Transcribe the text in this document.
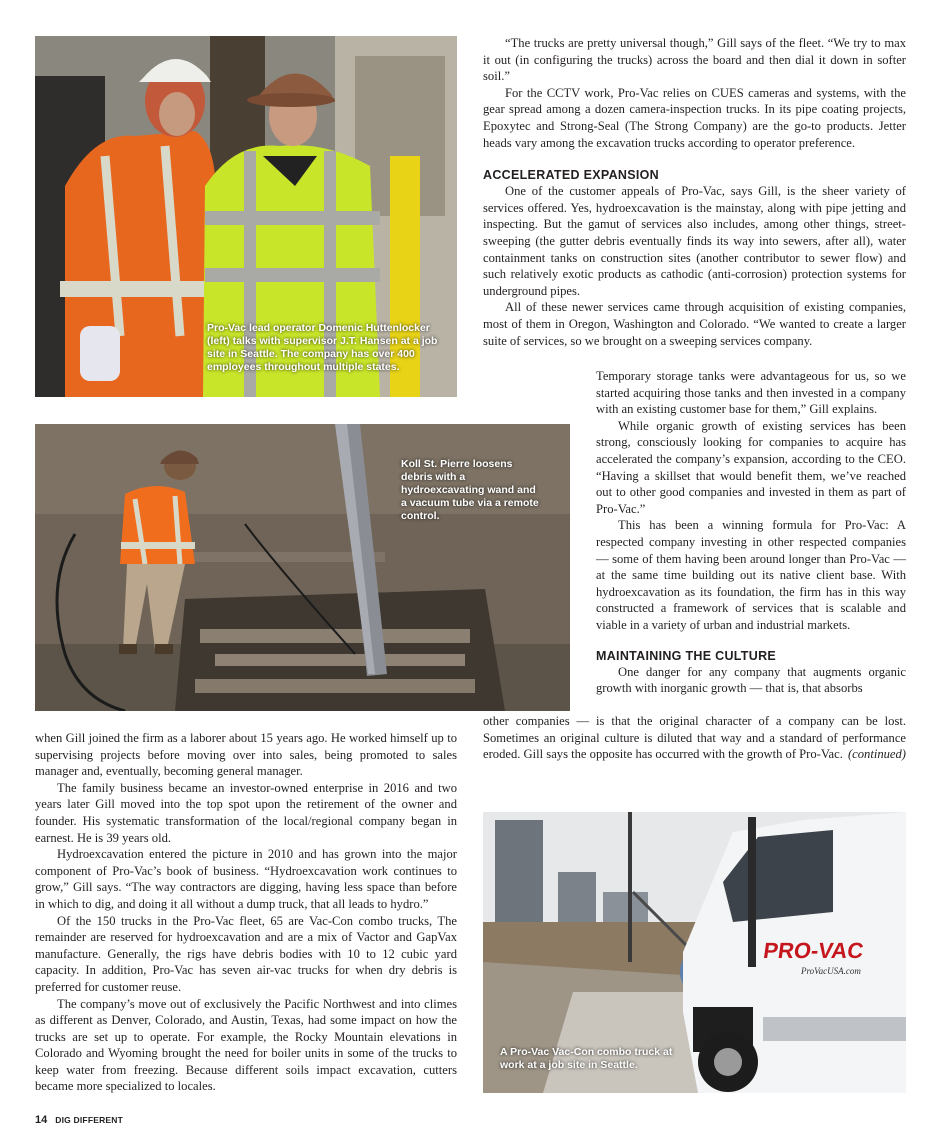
Pro-Vac lead operator Domenic Huttenlocker (left) talks with supervisor J.T. Hansen at a job site in Seattle. The company has over 400 employees throughout multiple states.
Koll St. Pierre loosens debris with a hydroexcavating wand and a vacuum tube via a remote control.
PRO-VAC
ProVacUSA.com
A Pro-Vac Vac-Con combo truck at work at a job site in Seattle.

“The trucks are pretty universal though,” Gill says of the fleet. “We try to max it out (in configuring the trucks) across the board and then dial it down in softer soil.”

For the CCTV work, Pro-Vac relies on CUES cameras and systems, with the gear spread among a dozen camera-inspection trucks. In its pipe coating projects, Epoxytec and Strong-Seal (The Strong Company) are the go-to products. Jetter heads vary among the excavation trucks according to operator preference.

ACCELERATED EXPANSION

One of the customer appeals of Pro-Vac, says Gill, is the sheer variety of services offered. Yes, hydroexcavation is the mainstay, along with pipe jetting and inspecting. But the gamut of services also includes, among other things, street-sweeping (the gutter debris eventually finds its way into sewers, after all), water containment tanks on construction sites (another contributor to sewer flow) and such relatively exotic products as cathodic (anti-corrosion) protection systems for underground pipes.

All of these newer services came through acquisition of existing companies, most of them in Oregon, Washington and Colorado. “We wanted to create a larger suite of services, so we brought on a sweeping services company.

Temporary storage tanks were advantageous for us, so we started acquiring those tanks and then invested in a company with an existing customer base for them,” Gill explains.

While organic growth of existing services has been strong, consciously looking for companies to acquire has accelerated the company’s expansion, according to the CEO. “Having a skillset that would benefit them, we’ve reached out to other good companies and invested in them as part of Pro-Vac.”

This has been a winning formula for Pro-Vac: A respected company investing in other respected companies — some of them having been around longer than Pro-Vac — at the same time building out its native client base. With hydroexcavation as its foundation, the firm has in this way constructed a framework of services that is scalable and viable in a variety of urban and industrial markets.

MAINTAINING THE CULTURE

One danger for any company that augments organic growth with inorganic growth — that is, that absorbs

other companies — is that the original character of a company can be lost. Sometimes an original culture is diluted that way and a standard of performance eroded. Gill says the opposite has occurred with the growth of Pro-Vac. (continued)

when Gill joined the firm as a laborer about 15 years ago. He worked himself up to supervising projects before moving over into sales, being promoted to sales manager and, eventually, becoming general manager.

The family business became an investor-owned enterprise in 2016 and two years later Gill moved into the top spot upon the retirement of the owner and founder. His systematic transformation of the local/regional company began in earnest. He is 39 years old.

Hydroexcavation entered the picture in 2010 and has grown into the major component of Pro-Vac’s book of business. “Hydroexcavation work continues to grow,” Gill says. “The way contractors are digging, having less space than before in which to dig, and doing it all without a dump truck, that all leads to hydro.”

Of the 150 trucks in the Pro-Vac fleet, 65 are Vac-Con combo trucks, The remainder are reserved for hydroexcavation and are a mix of Vactor and GapVax manufacture. Generally, the rigs have debris bodies with 10 to 12 cubic yard capacity. In addition, Pro-Vac has seven air-vac trucks for when dry debris is preferred for customer reuse.

The company’s move out of exclusively the Pacific Northwest and into climes as different as Denver, Colorado, and Austin, Texas, had some impact on how the trucks are set up to operate. For example, the Rocky Mountain elevations in Colorado and Wyoming brought the need for boiler units in some of the trucks to keep water from freezing. Because different soils impact excavation, cutters became more specialized to locales.

14 DIG DIFFERENT
